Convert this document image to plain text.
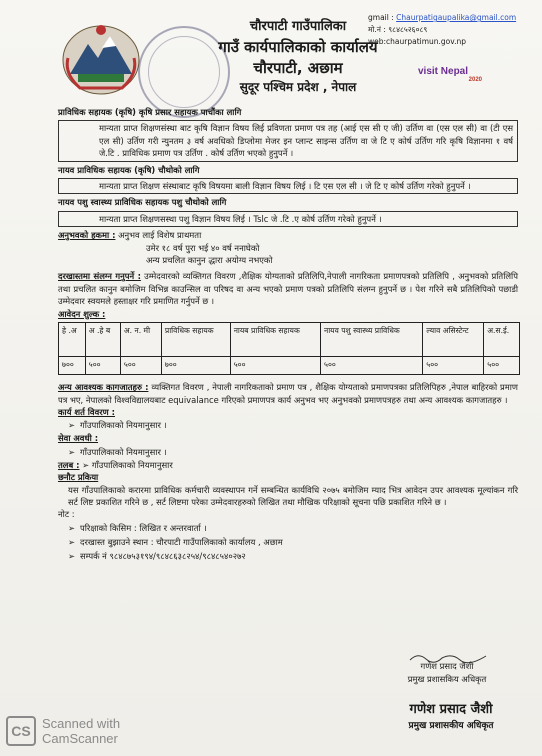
चौरपाटी गाउँपालिका
गाउँ कार्यपालिकाको कार्यालय
चौरपाटी, अछाम
सुदूर पश्चिम प्रदेश , नेपाल
gmail : Chaurpatigaupalika@gmail.com
मो.नं : ९८४८५२६०८९
web:chaurpatimun.gov.np
visit Nepal
2020
प्राविधिक सहायक (कृषि) कृषि प्रसार सहायक पाचौंका लागि
मान्यता प्राप्त शिक्षणसंस्था बाट कृषि विज्ञान विषय लिई प्रविणता प्रमाण पत्र तह (आई एस सी ए जी) उर्तिण वा (एस एल सी) वा (टी एस एल सी) उर्तिण गरी न्युनतम ३ वर्ष अवधिको डिप्लोमा मेजर इन प्लान्ट साइन्स उर्तिण वा जे टि ए कोर्ष उर्तिण गरि कृषि विज्ञानमा १ वर्ष जे.टि . प्राविधिक प्रमाण पत्र उर्तिण . कोर्ष उर्तिण भएको हुनुपर्ने ।
नायव प्राविधिक सहायक (कृषि) चौथोको लागि
मान्यता प्राप्त शिक्षण संस्थाबाट कृषि विषयमा बाली विज्ञान विषय लिई । टि एस एल सी । जे टि ए कोर्ष उर्तिण गरेको हुनुपर्ने ।
नायव पशु स्वास्थ्य प्राविधिक सहायक पशु चौथोको लागि
मान्यता प्राप्त शिक्षणसस्था पशु विज्ञान विषय लिई । Tslc जे .टि .ए कोर्ष उर्तिण गरेको हुनुपर्ने ।
अनुभवको हकमा : अनुभव लाई विशेष प्राथमता
उमेर १८ वर्ष पुरा भई ४० वर्ष ननाघेको
अन्य प्रचलित कानुन द्धारा अयोग्य नभएको
दरखास्तमा संलग्न गनुपर्ने : उम्मेदवारको व्यक्तिगत विवरण ,शैक्षिक योग्यताको प्रतिलिपि,नेपाली नागरिकता प्रमाणपत्रको प्रतिलिपि , अनुभवको प्रतिलिपि तथा प्रचलित कानुन बमोजिम विभिन्न काउन्सिल वा परिषद वा अन्य भएको प्रमाण पत्रको प्रतिलिपि संलग्न हुनुपर्ने छ । पेश गरिने सबै प्रतिलिपिको पछाडी उम्मेदवार स्वयमले हस्ताक्षर गरि प्रमाणित गर्नुपर्ने छ ।
आवेदन शुल्क :
हे .अ	अ .हे ब	अ. न. मी	प्राविधिक सहायक	नायब प्राविधिक सहायक	नायव पशु स्वास्थ्य प्राविधिक	ल्याव असिस्टेन्ट	अ.स.ई.
७००	५००	५००	७००	५००	५००	५००	५००
अन्य आवश्यक कागजातहरु : व्यक्तिगत विवरण , नेपाली नागरिकताको प्रमाण पत्र , शैक्षिक योग्यताको प्रमाणपत्रका प्रतिलिपिहरु ,नेपाल बाहिरको प्रमाण पत्र भए, नेपालको विश्वविद्यालयबाट equivalance गरिएको प्रमाणपत्र कार्य अनुभव भए अनुभवको प्रमाणपत्रहरु तथा अन्य आवश्यक कागजातहरु ।
कार्य शर्त विवरण :
➢ गाँउपालिकाको नियमानुसार ।
सेवा अवधी :
➢ गाँउपालिकाको नियमानुसार ।
तलब : ➢ गाँउपालिकाको नियमानुसार
छनौट प्रकिया
यस गाँउपालिकाको करारमा प्राविधिक कर्मचारी व्यवस्थापन गर्ने सम्बन्धित कार्यविधि २०७५ बमोजिम म्याद भित्र आवेदन उपर आवश्यक मूल्यांकन गरि सर्ट लिष्ट प्रकाशित गरिने छ , सर्ट लिष्टमा परेका उम्मेदवारहरुको लिखित तथा मौखिक परिक्षाको सूचना पछि प्रकाशित गरिने छ ।
नोट :
➢ परिक्षाको किसिम : लिखित र अन्तरवार्ता ।
➢ दरखास्त बुझाउने स्थान : चौरपाटी गाउँपालिकाको कार्यालय , अछाम
➢ सम्पर्क नं ९८४८७५३१९४/९८४८६३८२५४/९८४८५४०२७२
गणेश प्रसाद जैशी
प्रमुख प्रशासकिय अधिकृत
गणेश प्रसाद जैशी
प्रमुख प्रशासकीय अधिकृत
CS Scanned with
CamScanner
